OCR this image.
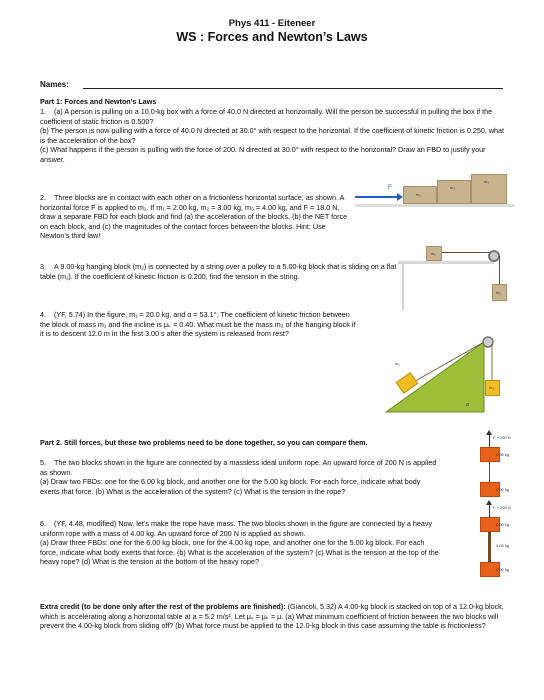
Phys 411 - Eiteneer
WS : Forces and Newton’s Laws
Names:
Part 1: Forces and Newton’s Laws
1. (a) A person is pulling on a 10.0-kg box with a force of 40.0 N directed at horizontally. Will the person be successful in pulling the box if the coefficient of static friction is 0.500?
(b) The person is now pulling with a force of 40.0 N directed at 30.0° with respect to the horizontal. If the coefficient of kinetic friction is 0.250, what is the acceleration of the box?
(c) What happens if the person is pulling with the force of 200. N directed at 30.0° with respect to the horizontal? Draw an FBD to justify your answer.
2. Three blocks are in contact with each other on a frictionless horizontal surface, as shown. A horizontal force F is applied to m₁. If m₁ = 2.00 kg, m₂ = 3.00 kg, m₃ = 4.00 kg, and F = 18.0 N, draw a separate FBD for each block and find (a) the acceleration of the blocks, (b) the NET force on each block, and (c) the magnitudes of the contact forces between the blocks. Hint: Use Newton’s third law!
3. A 9.00-kg hanging block (m₂) is connected by a string over a pulley to a 5.00-kg block that is sliding on a flat table (m₁). If the coefficient of kinetic friction is 0.200, find the tension in the string.
4. (YF, 5.74) In the figure, m₁ = 20.0 kg, and α = 53.1°. The coefficient of kinetic friction between the block of mass m₁ and the incline is μₖ = 0.40. What must be the mass m₂ of the hanging block if it is to descent 12.0 m in the first 3.00 s after the system is released from rest?
Part 2. Still forces, but these two problems need to be done together, so you can compare them.
5. The two blocks shown in the figure are connected by a massless ideal uniform rope. An upward force of 200 N is applied as shown.
(a) Draw two FBDs: one for the 6.00 kg block, and another one for the 5.00 kg block. For each force, indicate what body exerts that force. (b) What is the acceleration of the system? (c) What is the tension in the rope?
6. (YF, 4.48, modified) Now, let’s make the rope have mass. The two blocks shown in the figure are connected by a heavy uniform rope with a mass of 4.00 kg. An upward force of 200 N is applied as shown.
(a) Draw three FBDs: one for the 6.00 kg block, one for the 4.00 kg rope, and another one for the 5.00 kg block. For each force, indicate what body exerts that force. (b) What is the acceleration of the system? (c) What is the tension at the top of the heavy rope? (d) What is the tension at the bottom of the heavy rope?
Extra credit (to be done only after the rest of the problems are finished): (Giancoli, 5.32) A 4.00-kg block is stacked on top of a 12.0-kg block, which is accelerating along a horizontal table at a = 5.2 m/s². Let μₛ = μₖ = μ. (a) What minimum coefficient of friction between the two blocks will prevent the 4.00-kg block from sliding off? (b) What force must be applied to the 12.0-kg block in this case assuming the table is frictionless?
F
m₁
m₂
m₃
m₁
m₂
m₁
m₂
α
F = 200 N
6.00 kg
5.00 kg
F = 200 N
6.00 kg
4.00 kg
5.00 kg
